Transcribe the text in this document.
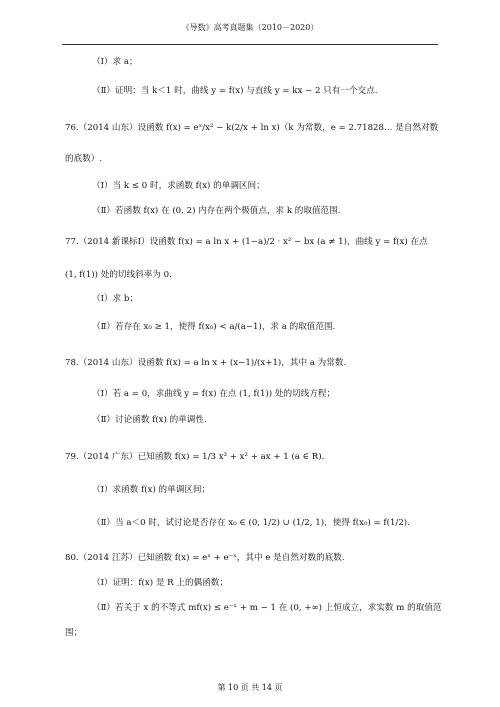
《导数》高考真题集（2010－2020）
（Ⅰ）求 a；
（Ⅱ）证明：当 k＜1 时，曲线 y = f(x) 与直线 y = kx − 2 只有一个交点.
76.（2014 山东）设函数 f(x) = eˣ/x² − k(2/x + ln x)（k 为常数，e = 2.71828… 是自然对数
的底数）.
（Ⅰ）当 k ≤ 0 时，求函数 f(x) 的单调区间；
（Ⅱ）若函数 f(x) 在 (0, 2) 内存在两个极值点，求 k 的取值范围.
77.（2014 新课标Ⅰ）设函数 f(x) = a ln x + (1−a)/2 · x² − bx (a ≠ 1)，曲线 y = f(x) 在点
(1, f(1)) 处的切线斜率为 0.
（Ⅰ）求 b；
（Ⅱ）若存在 x₀ ≥ 1，使得 f(x₀) < a/(a−1)，求 a 的取值范围.
78.（2014 山东）设函数 f(x) = a ln x + (x−1)/(x+1)，其中 a 为常数.
（Ⅰ）若 a = 0，求曲线 y = f(x) 在点 (1, f(1)) 处的切线方程；
（Ⅱ）讨论函数 f(x) 的单调性.
79.（2014 广东）已知函数 f(x) = 1/3 x³ + x² + ax + 1 (a ∈ R).
（Ⅰ）求函数 f(x) 的单调区间；
（Ⅱ）当 a＜0 时，试讨论是否存在 x₀ ∈ (0, 1/2) ∪ (1/2, 1)，使得 f(x₀) = f(1/2).
80.（2014 江苏）已知函数 f(x) = eˣ + e⁻ˣ，其中 e 是自然对数的底数.
（Ⅰ）证明：f(x) 是 R 上的偶函数；
（Ⅱ）若关于 x 的不等式 mf(x) ≤ e⁻ˣ + m − 1 在 (0, +∞) 上恒成立，求实数 m 的取值范
围；
第 10 页 共 14 页
